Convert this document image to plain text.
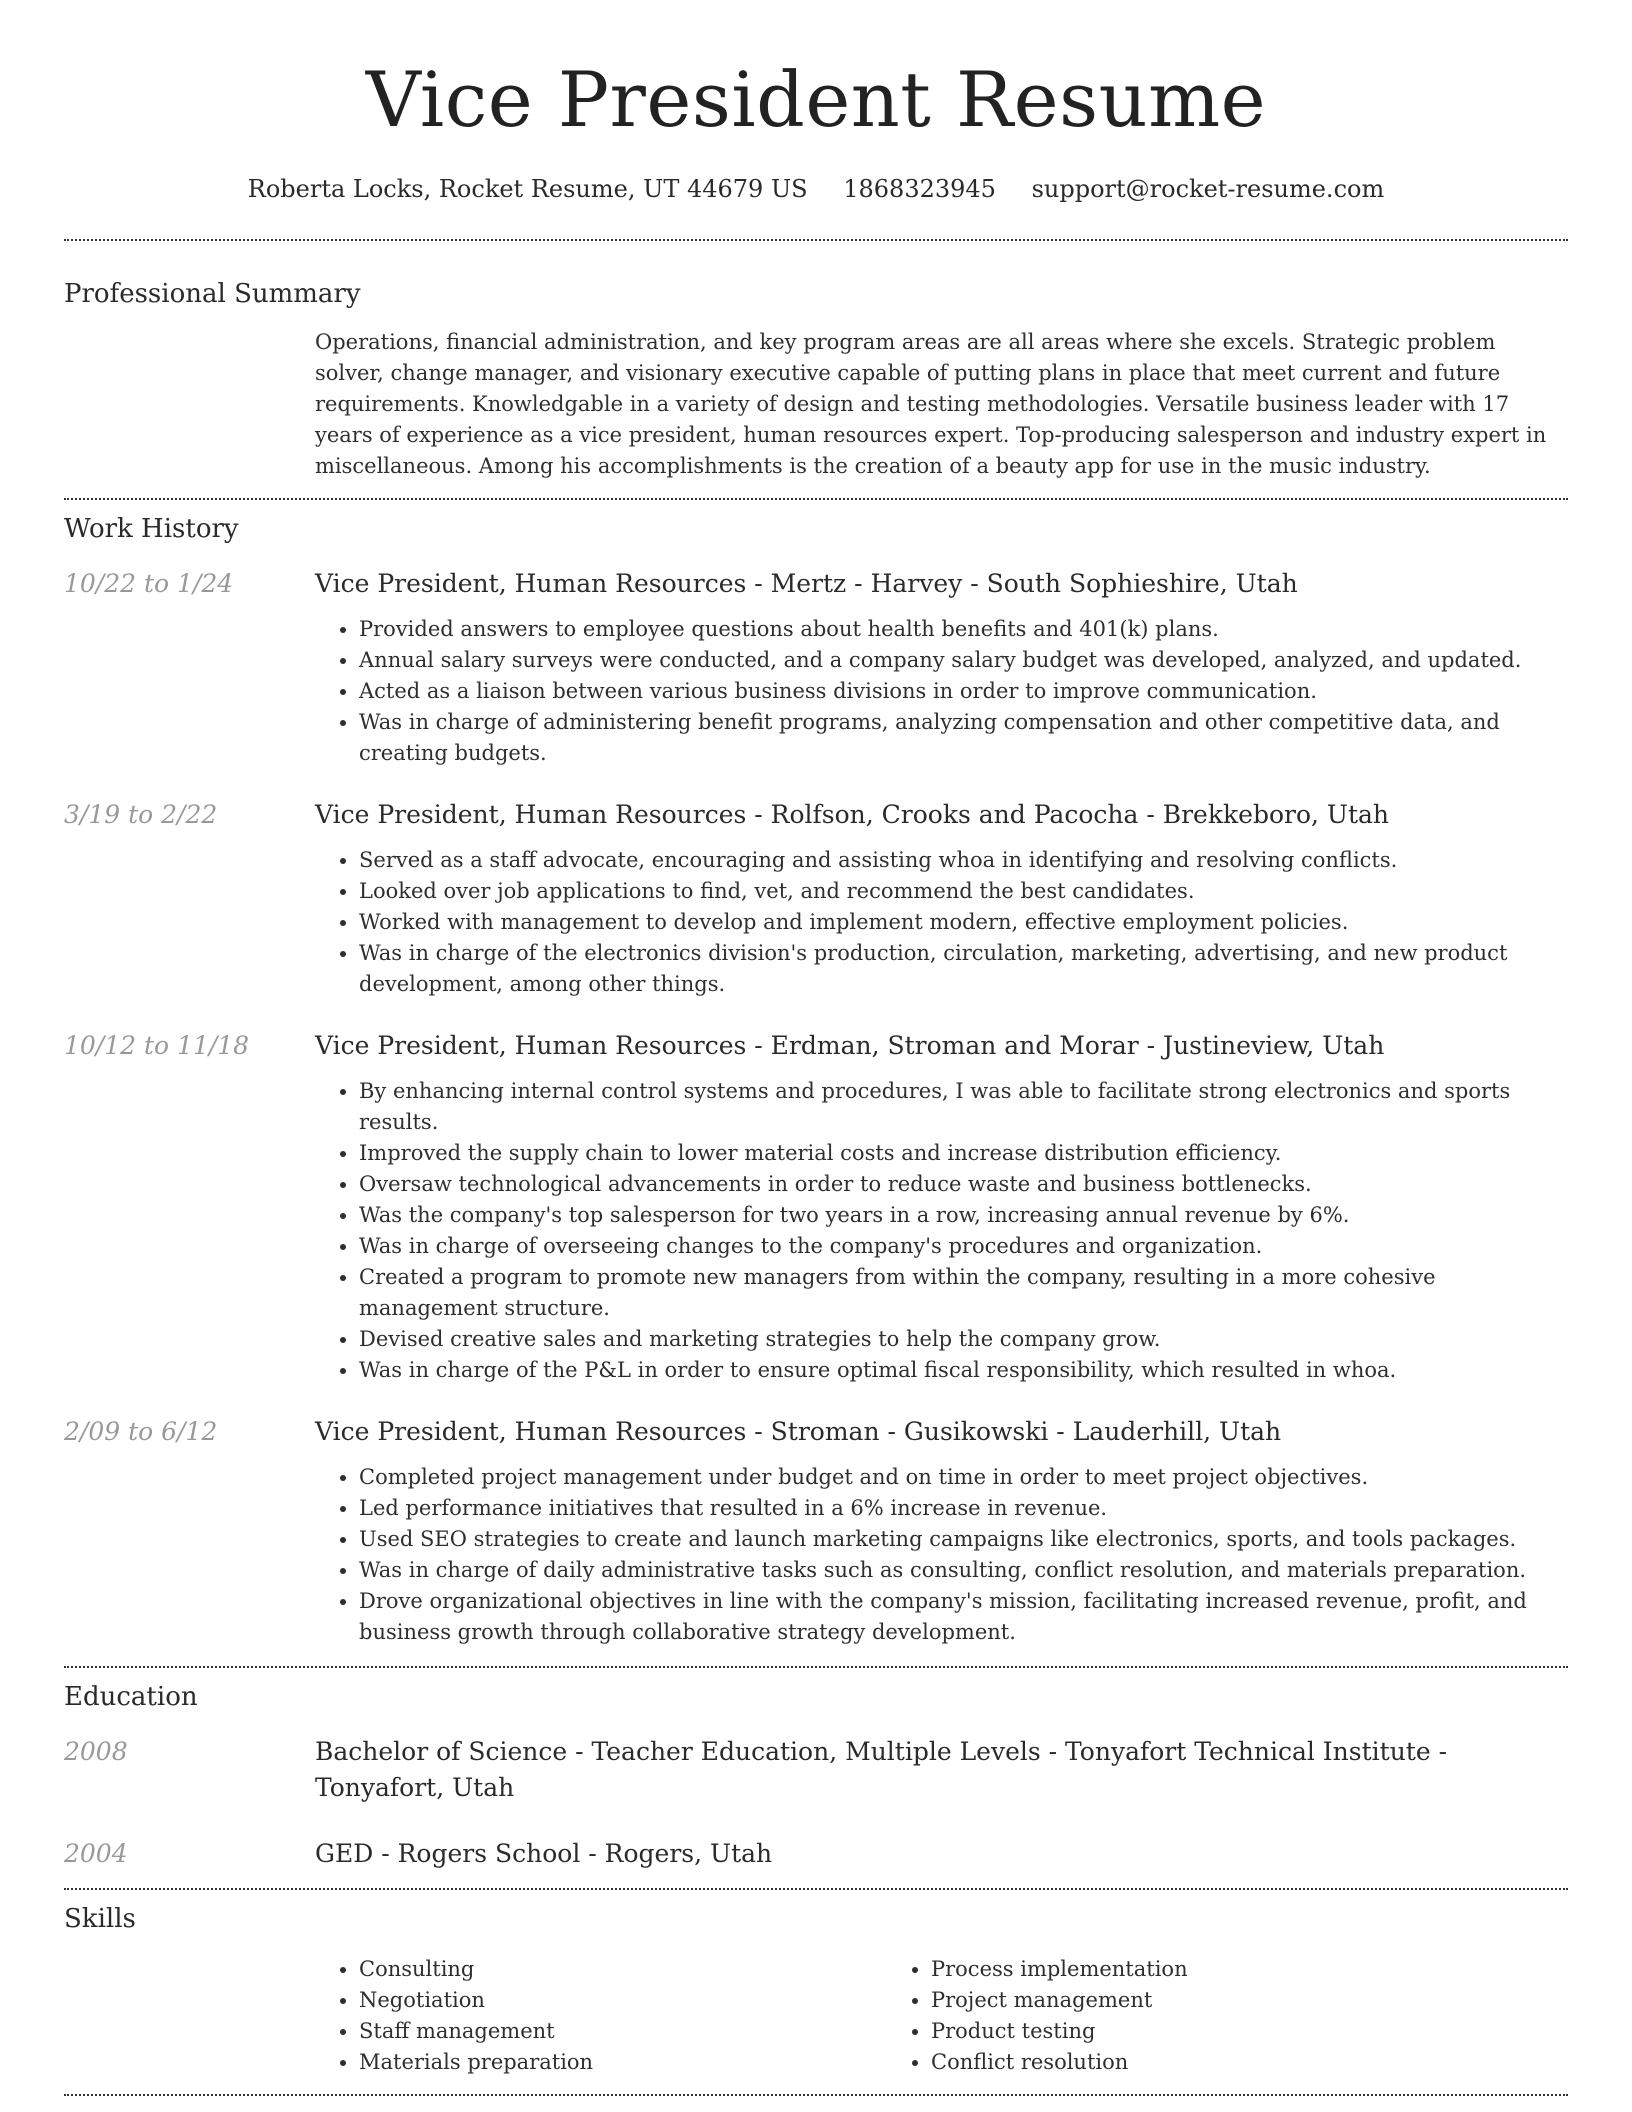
Vice President Resume
Roberta Locks, Rocket Resume, UT 44679 US 1868323945 support@rocket-resume.com
Professional Summary
Operations, financial administration, and key program areas are all areas where she excels. Strategic problem solver, change manager, and visionary executive capable of putting plans in place that meet current and future requirements. Knowledgable in a variety of design and testing methodologies. Versatile business leader with 17 years of experience as a vice president, human resources expert. Top-producing salesperson and industry expert in miscellaneous. Among his accomplishments is the creation of a beauty app for use in the music industry.
Work History
10/22 to 1/24	Vice President, Human Resources - Mertz - Harvey - South Sophieshire, Utah
• Provided answers to employee questions about health benefits and 401(k) plans.
• Annual salary surveys were conducted, and a company salary budget was developed, analyzed, and updated.
• Acted as a liaison between various business divisions in order to improve communication.
• Was in charge of administering benefit programs, analyzing compensation and other competitive data, and creating budgets.
3/19 to 2/22	Vice President, Human Resources - Rolfson, Crooks and Pacocha - Brekkeboro, Utah
• Served as a staff advocate, encouraging and assisting whoa in identifying and resolving conflicts.
• Looked over job applications to find, vet, and recommend the best candidates.
• Worked with management to develop and implement modern, effective employment policies.
• Was in charge of the electronics division's production, circulation, marketing, advertising, and new product development, among other things.
10/12 to 11/18	Vice President, Human Resources - Erdman, Stroman and Morar - Justineview, Utah
• By enhancing internal control systems and procedures, I was able to facilitate strong electronics and sports results.
• Improved the supply chain to lower material costs and increase distribution efficiency.
• Oversaw technological advancements in order to reduce waste and business bottlenecks.
• Was the company's top salesperson for two years in a row, increasing annual revenue by 6%.
• Was in charge of overseeing changes to the company's procedures and organization.
• Created a program to promote new managers from within the company, resulting in a more cohesive management structure.
• Devised creative sales and marketing strategies to help the company grow.
• Was in charge of the P&L in order to ensure optimal fiscal responsibility, which resulted in whoa.
2/09 to 6/12	Vice President, Human Resources - Stroman - Gusikowski - Lauderhill, Utah
• Completed project management under budget and on time in order to meet project objectives.
• Led performance initiatives that resulted in a 6% increase in revenue.
• Used SEO strategies to create and launch marketing campaigns like electronics, sports, and tools packages.
• Was in charge of daily administrative tasks such as consulting, conflict resolution, and materials preparation.
• Drove organizational objectives in line with the company's mission, facilitating increased revenue, profit, and business growth through collaborative strategy development.
Education
2008	Bachelor of Science - Teacher Education, Multiple Levels - Tonyafort Technical Institute - Tonyafort, Utah
2004	GED - Rogers School - Rogers, Utah
Skills
• Consulting
• Negotiation
• Staff management
• Materials preparation
• Process implementation
• Project management
• Product testing
• Conflict resolution
